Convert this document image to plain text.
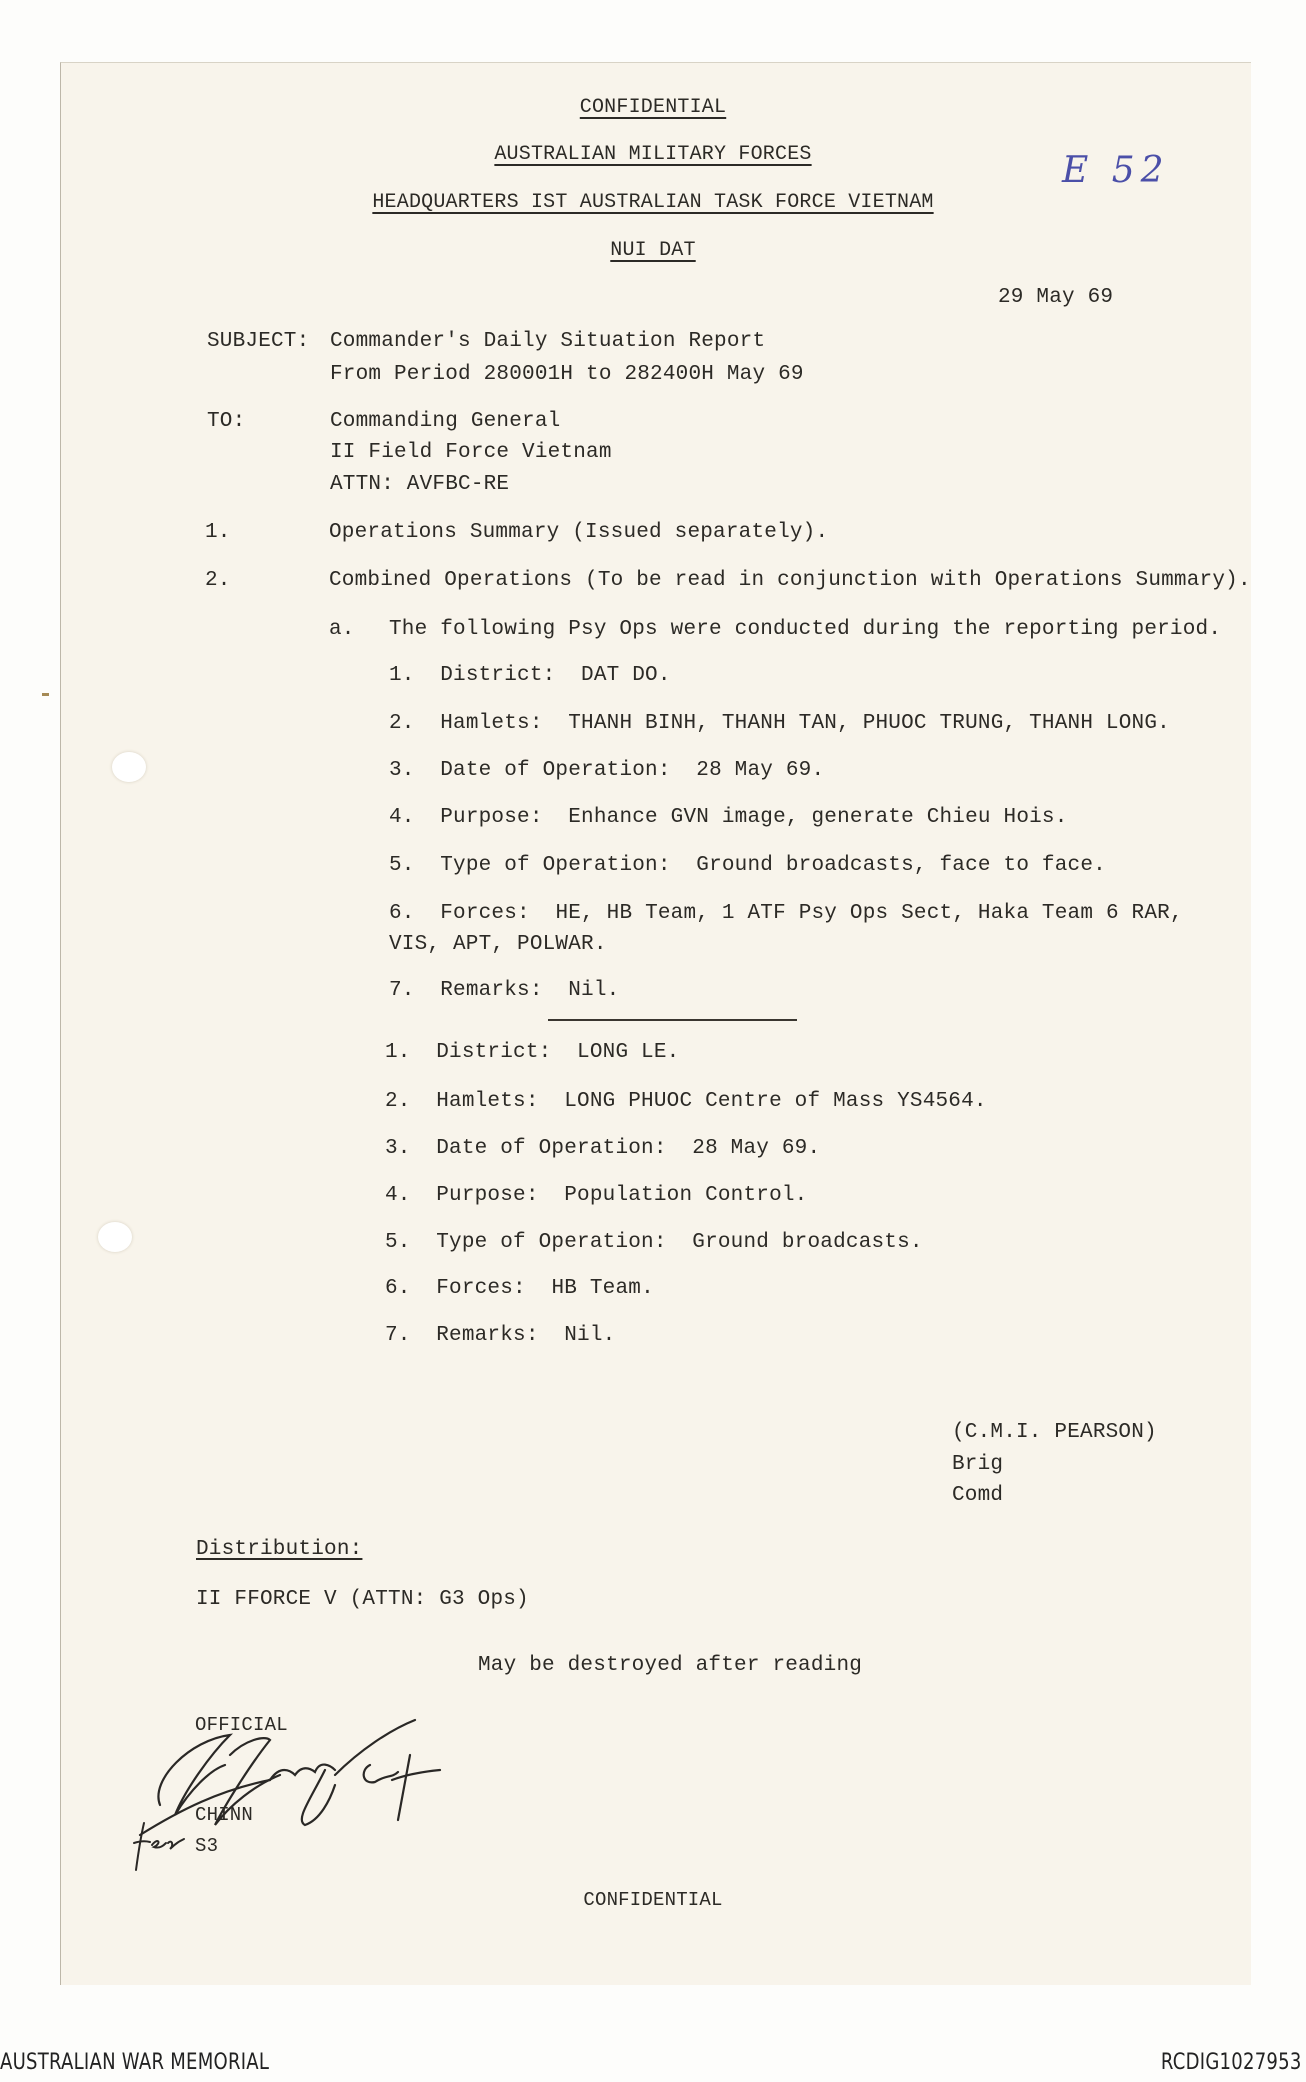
CONFIDENTIAL
AUSTRALIAN MILITARY FORCES
HEADQUARTERS IST AUSTRALIAN TASK FORCE VIETNAM
NUI DAT
E 52
29 May 69
SUBJECT: Commander's Daily Situation Report
From Period 280001H to 282400H May 69
TO:	Commanding General
II Field Force Vietnam
ATTN: AVFBC-RE
1.	Operations Summary (Issued separately).
2.	Combined Operations (To be read in conjunction with Operations Summary).
a. The following Psy Ops were conducted during the reporting period.
1. District: DAT DO.
2. Hamlets: THANH BINH, THANH TAN, PHUOC TRUNG, THANH LONG.
3. Date of Operation: 28 May 69.
4. Purpose: Enhance GVN image, generate Chieu Hois.
5. Type of Operation: Ground broadcasts, face to face.
6. Forces: HE, HB Team, 1 ATF Psy Ops Sect, Haka Team 6 RAR,
VIS, APT, POLWAR.
7. Remarks: Nil.
1. District: LONG LE.
2. Hamlets: LONG PHUOC Centre of Mass YS4564.
3. Date of Operation: 28 May 69.
4. Purpose: Population Control.
5. Type of Operation: Ground broadcasts.
6. Forces: HB Team.
7. Remarks: Nil.
(C.M.I. PEARSON)
Brig
Comd
Distribution:
II FFORCE V (ATTN: G3 Ops)
May be destroyed after reading
OFFICIAL
CHINN
S3
CONFIDENTIAL
AUSTRALIAN WAR MEMORIAL	RCDIG1027953
